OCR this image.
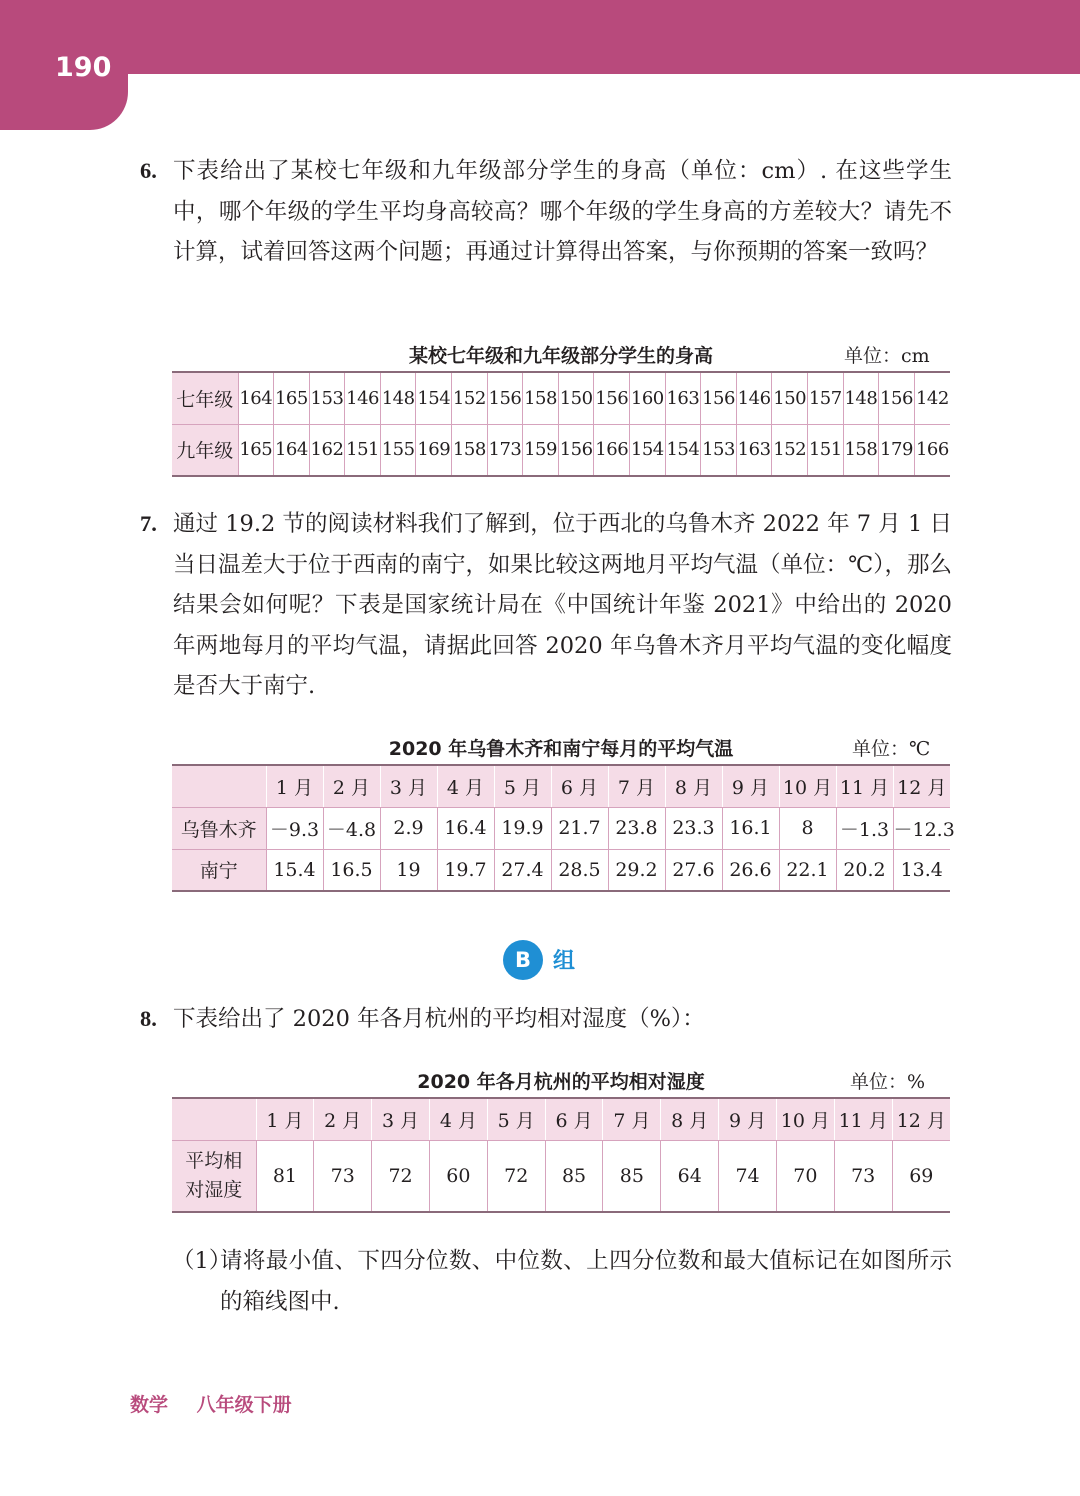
190
6. 下表给出了某校七年级和九年级部分学生的身高（单位：cm）. 在这些学生中，哪个年级的学生平均身高较高？哪个年级的学生身高的方差较大？请先不计算，试着回答这两个问题；再通过计算得出答案，与你预期的答案一致吗？
某校七年级和九年级部分学生的身高	单位：cm
七年级	164	165	153	146	148	154	152	156	158	150	156	160	163	156	146	150	157	148	156	142
九年级	165	164	162	151	155	169	158	173	159	156	166	154	154	153	163	152	151	158	179	166
7. 通过 19.2 节的阅读材料我们了解到，位于西北的乌鲁木齐 2022 年 7 月 1 日当日温差大于位于西南的南宁，如果比较这两地月平均气温（单位：℃），那么结果会如何呢？下表是国家统计局在《中国统计年鉴 2021》中给出的 2020 年两地每月的平均气温，请据此回答 2020 年乌鲁木齐月平均气温的变化幅度是否大于南宁.
2020 年乌鲁木齐和南宁每月的平均气温	单位：℃
	1 月	2 月	3 月	4 月	5 月	6 月	7 月	8 月	9 月	10 月	11 月	12 月
乌鲁木齐	－9.3	－4.8	2.9	16.4	19.9	21.7	23.8	23.3	16.1	8	－1.3	－12.3
南宁	15.4	16.5	19	19.7	27.4	28.5	29.2	27.6	26.6	22.1	20.2	13.4
B	组
8. 下表给出了 2020 年各月杭州的平均相对湿度（%）：
2020 年各月杭州的平均相对湿度	单位：%
	1 月	2 月	3 月	4 月	5 月	6 月	7 月	8 月	9 月	10 月	11 月	12 月

平均相
对湿度	81	73	72	60	72	85	85	64	74	70	73	69
（1）
请将最小值、下四分位数、中位数、上四分位数和最大值标记在如图所示的箱线图中.
数学 八年级下册
